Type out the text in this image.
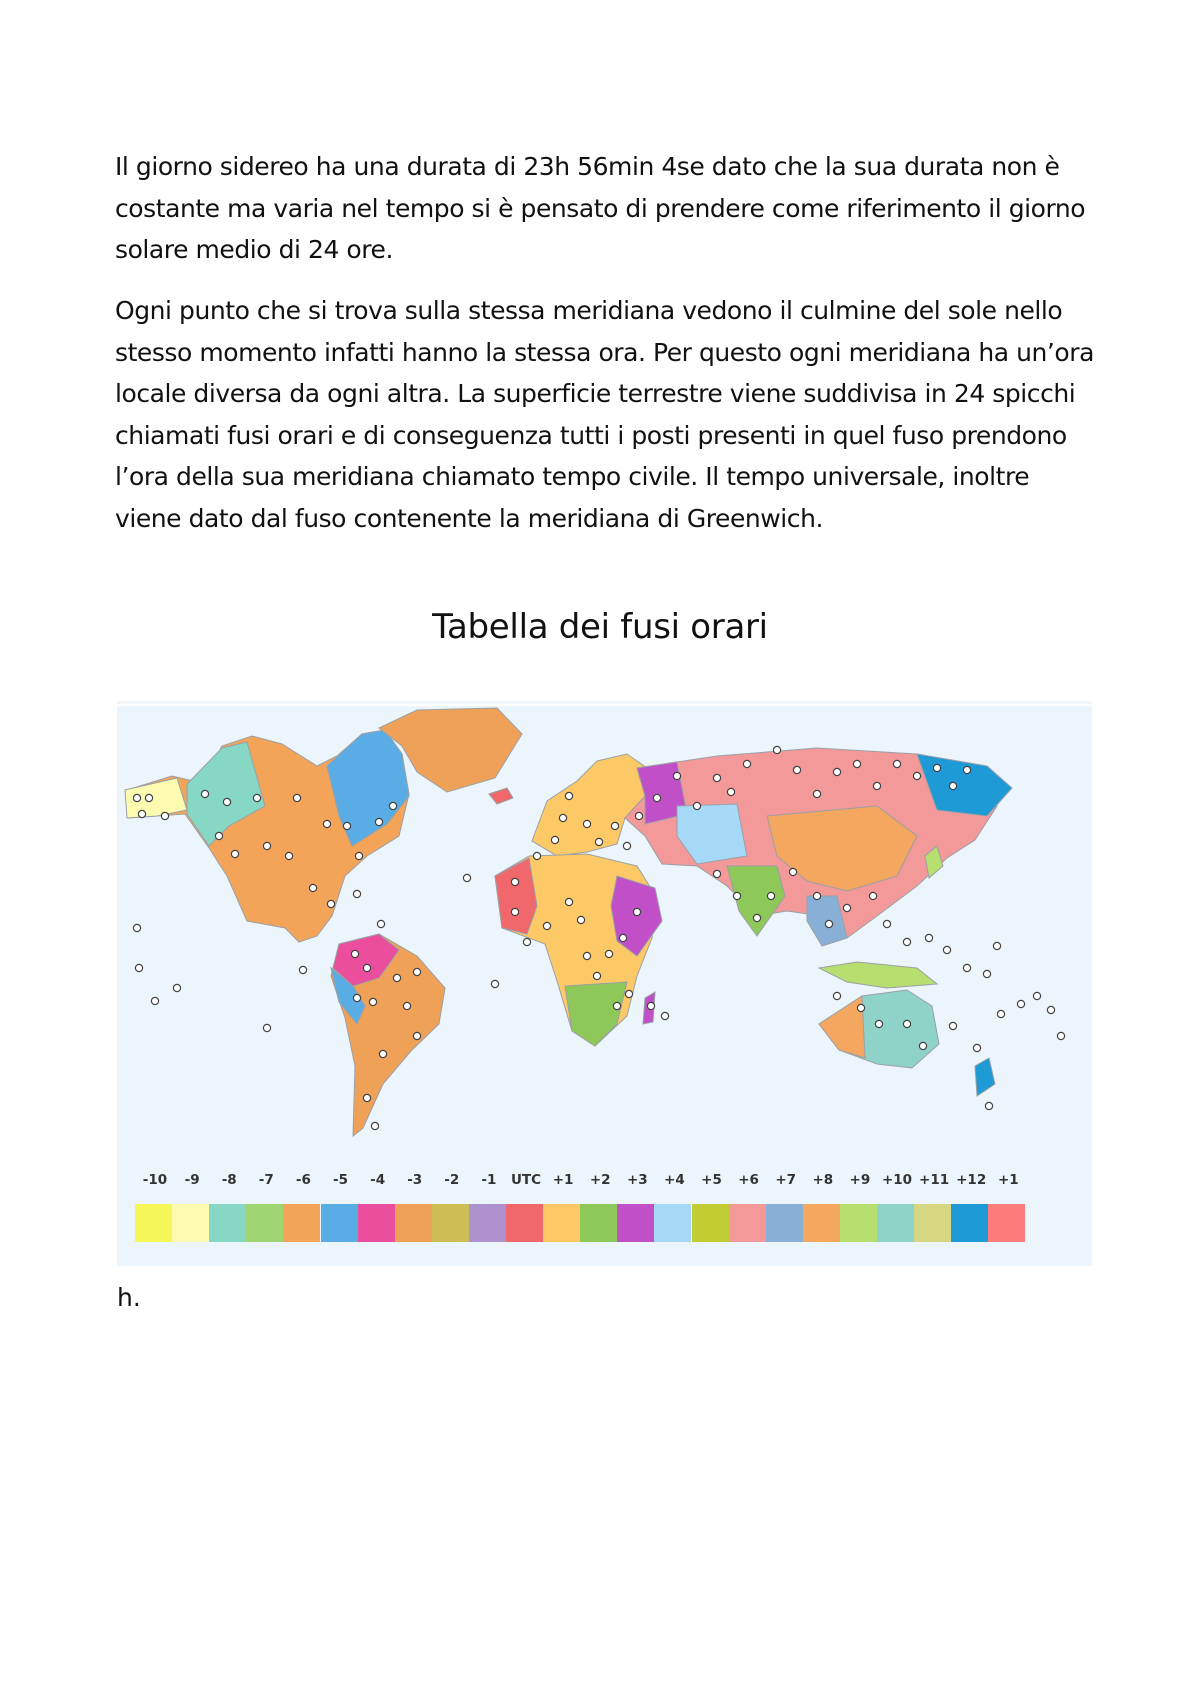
Il giorno sidereo ha una durata di 23h 56min 4se dato che la sua durata non è costante ma varia nel tempo si è pensato di prendere come riferimento il giorno solare medio di 24 ore.

Ogni punto che si trova sulla stessa meridiana vedono il culmine del sole nello stesso momento infatti hanno la stessa ora. Per questo ogni meridiana ha un’ora locale diversa da ogni altra. La superficie terrestre viene suddivisa in 24 spicchi chiamati fusi orari e di conseguenza tutti i posti presenti in quel fuso prendono l’ora della sua meridiana chiamato tempo civile. Il tempo universale, inoltre viene dato dal fuso contenente la meridiana di Greenwich.

Tabella dei fusi orari
-10	-9	-8	-7	-6	-5	-4	-3	-2	-1	UTC +1	+2	+3	+4	+5	+6	+7	+8	+9 +10 +11 +12 +1

h.
